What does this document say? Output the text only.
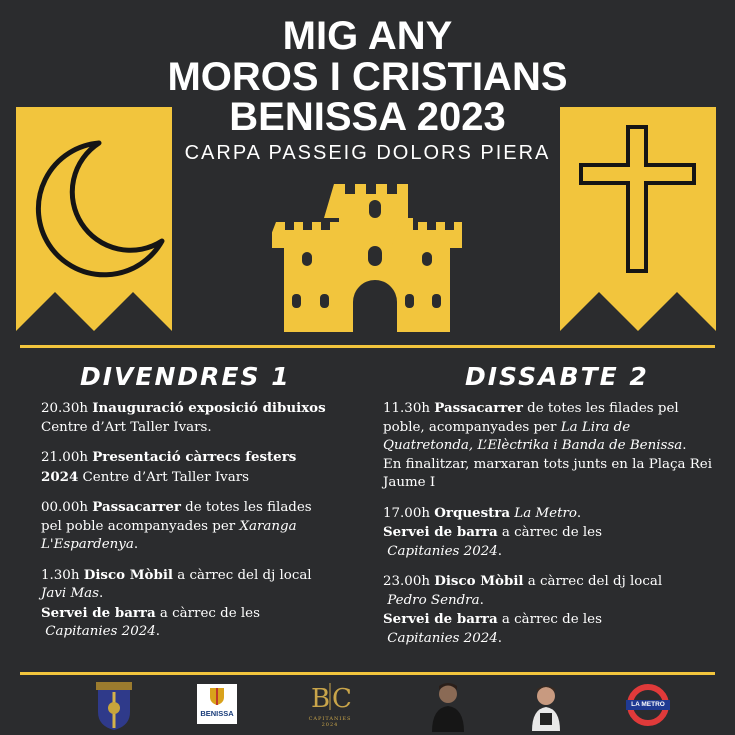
MIG ANY
MOROS I CRISTIANS
BENISSA 2023
CARPA PASSEIG DOLORS PIERA
DIVENDRES 1

20.30h Inauguració exposició dibuixos Centre d’Art Taller Ivars.

21.00h Presentació càrrecs festers 2024 Centre d’Art Taller Ivars

00.00h Passacarrer de totes les filades pel poble acompanyades per Xaranga L'Espardenya.

1.30h Disco Mòbil a càrrec del dj local Javi Mas.
Servei de barra a càrrec de les
Capitanies 2024.

DISSABTE 2

11.30h Passacarrer de totes les filades pel poble, acompanyades per La Lira de Quatretonda, L’Elèctrika i Banda de Benissa.
En finalitzar, marxaran tots junts en la Plaça Rei Jaume I

17.00h Orquestra La Metro.
Servei de barra a càrrec de les
Capitanies 2024.

23.00h Disco Mòbil a càrrec del dj local
Pedro Sendra.
Servei de barra a càrrec de les
Capitanies 2024.

BENISSA	B C
CAPITANIES 2024
LA METRO
